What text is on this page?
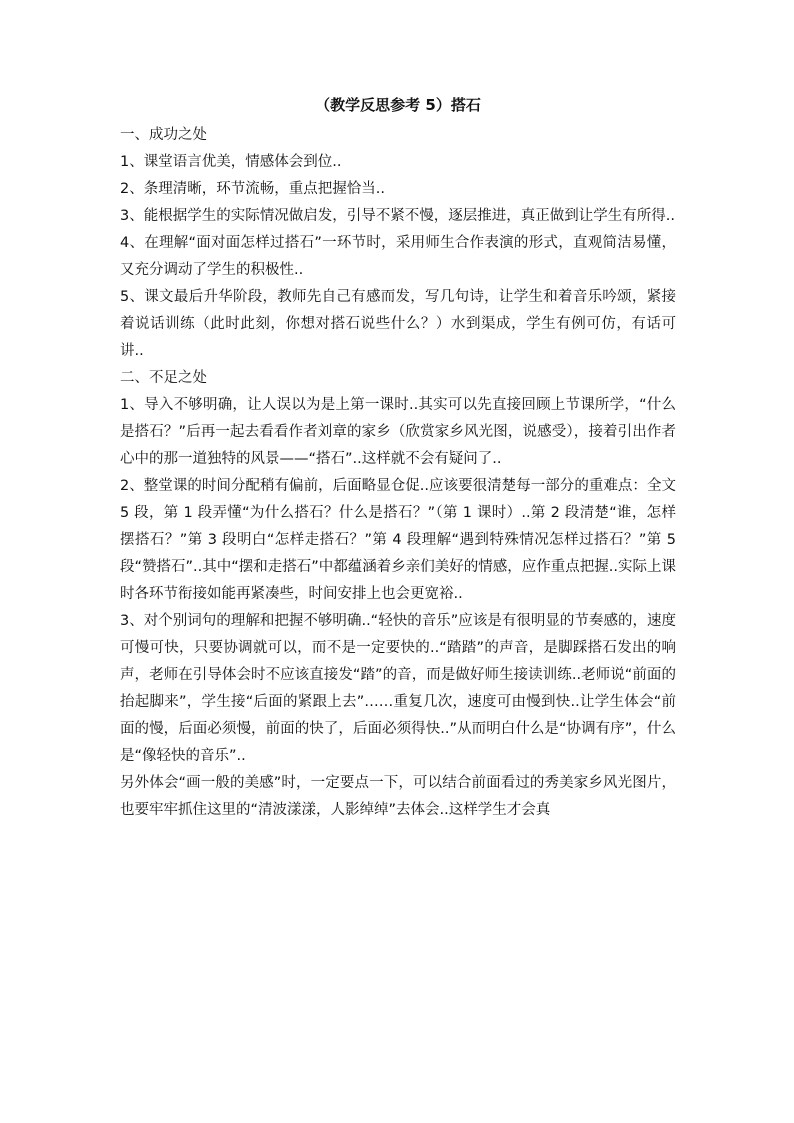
（教学反思参考 5）搭石

一、成功之处

1、课堂语言优美，情感体会到位..

2、条理清晰，环节流畅，重点把握恰当..

3、能根据学生的实际情况做启发，引导不紧不慢，逐层推进，真正做到让学生有所得..

4、在理解“面对面怎样过搭石”一环节时，采用师生合作表演的形式，直观简洁易懂，又充分调动了学生的积极性..

5、课文最后升华阶段，教师先自己有感而发，写几句诗，让学生和着音乐吟颂，紧接着说话训练（此时此刻，你想对搭石说些什么？）水到渠成，学生有例可仿，有话可讲..

二、不足之处

1、导入不够明确，让人误以为是上第一课时..其实可以先直接回顾上节课所学，“什么是搭石？”后再一起去看看作者刘章的家乡（欣赏家乡风光图，说感受），接着引出作者心中的那一道独特的风景——“搭石”..这样就不会有疑问了..

2、整堂课的时间分配稍有偏前，后面略显仓促..应该要很清楚每一部分的重难点：全文 5 段，第 1 段弄懂“为什么搭石？什么是搭石？”（第 1 课时）..第 2 段清楚“谁，怎样摆搭石？”第 3 段明白“怎样走搭石？”第 4 段理解“遇到特殊情况怎样过搭石？”第 5 段“赞搭石”..其中“摆和走搭石”中都蕴涵着乡亲们美好的情感，应作重点把握..实际上课时各环节衔接如能再紧凑些，时间安排上也会更宽裕..

3、对个别词句的理解和把握不够明确..“轻快的音乐”应该是有很明显的节奏感的，速度可慢可快，只要协调就可以，而不是一定要快的..“踏踏”的声音，是脚踩搭石发出的响声，老师在引导体会时不应该直接发“踏”的音，而是做好师生接读训练..老师说“前面的抬起脚来”，学生接“后面的紧跟上去”……重复几次，速度可由慢到快..让学生体会“前面的慢，后面必须慢，前面的快了，后面必须得快..”从而明白什么是“协调有序”，什么是“像轻快的音乐”..

另外体会“画一般的美感”时，一定要点一下，可以结合前面看过的秀美家乡风光图片，也要牢牢抓住这里的“清波漾漾，人影绰绰”去体会..这样学生才会真
